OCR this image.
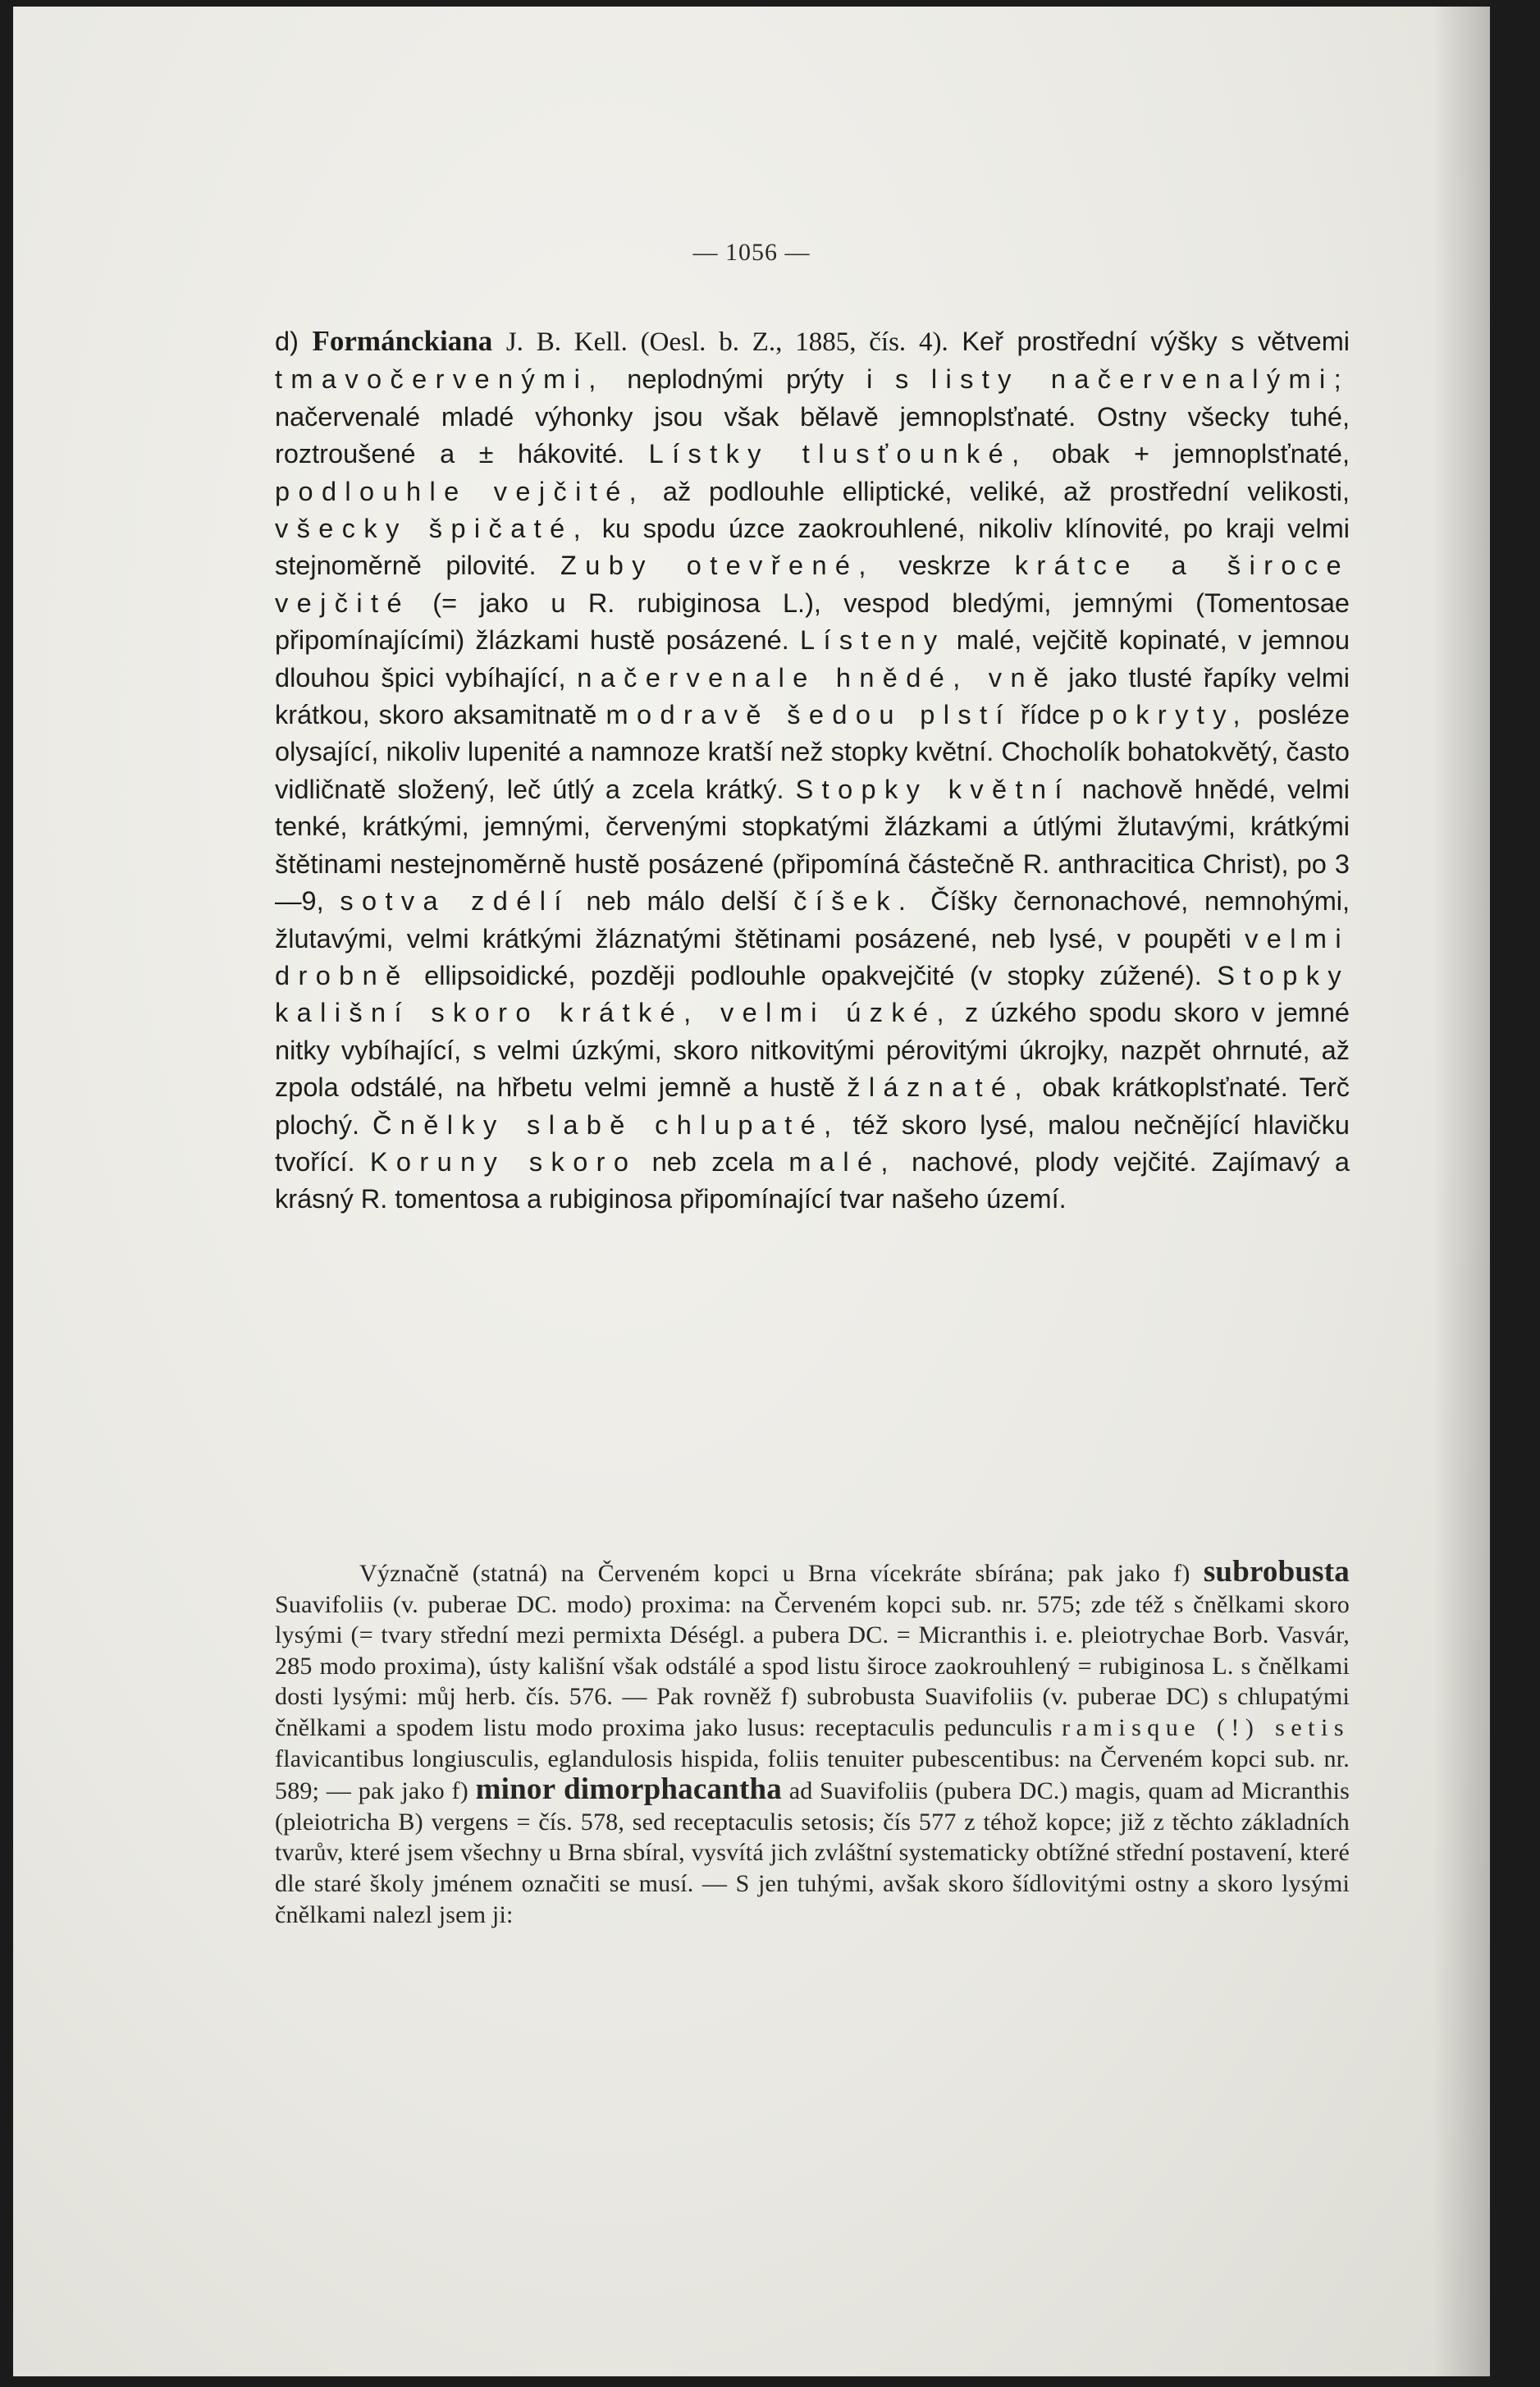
— 1056 —

d) Formánckiana J. B. Kell. (Oesl. b. Z., 1885, čís. 4). Keř prostřední výšky s větvemi tmavočervenými, neplodnými prýty i s listy načervenalými; načervenalé mladé výhonky jsou však bělavě jemnoplsťnaté. Ostny všecky tuhé, roztroušené a ± hákovité. Lístky tlusťounké, obak + jemnoplsťnaté, podlouhle vejčité, až podlouhle elliptické, veliké, až prostřední velikosti, všecky špičaté, ku spodu úzce zaokrouhlené, nikoliv klínovité, po kraji velmi stejnoměrně pilovité. Zuby otevřené, veskrze krátce a široce vejčité (= jako u R. rubiginosa L.), vespod bledými, jemnými (Tomentosae připomínajícími) žlázkami hustě posázené. Lísteny malé, vejčitě kopinaté, v jemnou dlouhou špici vybíhající, načervenale hnědé, vně jako tlusté řapíky velmi krátkou, skoro aksamitnatě modravě šedou plstí řídce pokryty, posléze olysající, nikoliv lupenité a namnoze kratší než stopky květní. Chocholík bohatokvětý, často vidličnatě složený, leč útlý a zcela krátký. Stopky květní nachově hnědé, velmi tenké, krátkými, jemnými, červenými stopkatými žlázkami a útlými žlutavými, krátkými štětinami nestejnoměrně hustě posázené (připomíná částečně R. anthracitica Christ), po 3—9, sotva zdélí neb málo delší číšek. Číšky černonachové, nemnohými, žlutavými, velmi krátkými žláznatými štětinami posázené, neb lysé, v poupěti velmi drobně ellipsoidické, později podlouhle opakvejčité (v stopky zúžené). Stopky kališní skoro krátké, velmi úzké, z úzkého spodu skoro v jemné nitky vybíhající, s velmi úzkými, skoro nitkovitými pérovitými úkrojky, nazpět ohrnuté, až zpola odstálé, na hřbetu velmi jemně a hustě žláznaté, obak krátkoplsťnaté. Terč plochý. Čnělky slabě chlupaté, též skoro lysé, malou nečnějící hlavičku tvořící. Koruny skoro neb zcela malé, nachové, plody vejčité. Zajímavý a krásný R. tomentosa a rubiginosa připomínající tvar našeho území.

Význačně (statná) na Červeném kopci u Brna vícekráte sbírána; pak jako f) subrobusta Suavifoliis (v. puberae DC. modo) proxima: na Červeném kopci sub. nr. 575; zde též s čnělkami skoro lysými (= tvary střední mezi permixta Déségl. a pubera DC. = Micranthis i. e. pleiotrychae Borb. Vasvár, 285 modo proxima), ústy kališní však odstálé a spod listu široce zaokrouhlený = rubiginosa L. s čnělkami dosti lysými: můj herb. čís. 576. — Pak rovněž f) subrobusta Suavifoliis (v. puberae DC) s chlupatými čnělkami a spodem listu modo proxima jako lusus: receptaculis pedunculis ramisque (!) setis flavicantibus longiusculis, eglandulosis hispida, foliis tenuiter pubescentibus: na Červeném kopci sub. nr. 589; — pak jako f) minor dimorphacantha ad Suavifoliis (pubera DC.) magis, quam ad Micranthis (pleiotricha B) vergens = čís. 578, sed receptaculis setosis; čís 577 z téhož kopce; již z těchto základních tvarův, které jsem všechny u Brna sbíral, vysvítá jich zvláštní systematicky obtížné střední postavení, které dle staré školy jménem označiti se musí. — S jen tuhými, avšak skoro šídlovitými ostny a skoro lysými čnělkami nalezl jsem ji:
